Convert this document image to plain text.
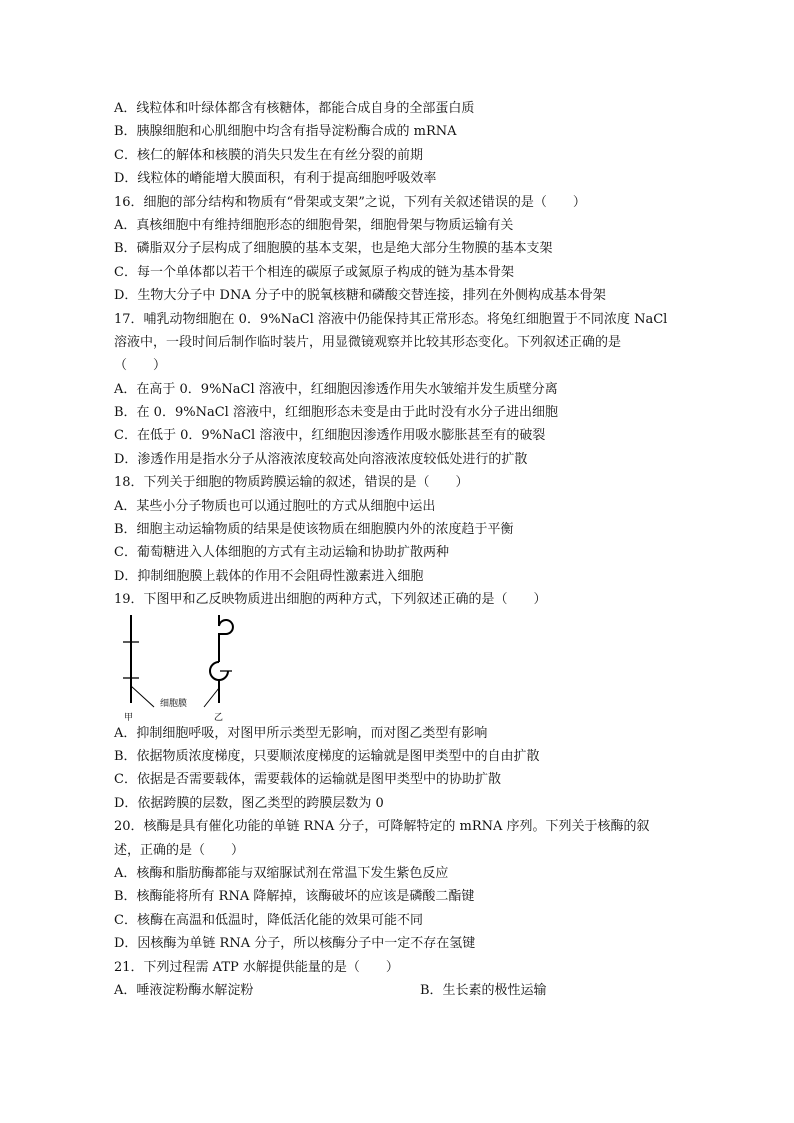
A．线粒体和叶绿体都含有核糖体，都能合成自身的全部蛋白质
B．胰腺细胞和心肌细胞中均含有指导淀粉酶合成的 mRNA
C．核仁的解体和核膜的消失只发生在有丝分裂的前期
D．线粒体的嵴能增大膜面积，有利于提高细胞呼吸效率
16．细胞的部分结构和物质有“骨架或支架”之说，下列有关叙述错误的是（　　）
A．真核细胞中有维持细胞形态的细胞骨架，细胞骨架与物质运输有关
B．磷脂双分子层构成了细胞膜的基本支架，也是绝大部分生物膜的基本支架
C．每一个单体都以若干个相连的碳原子或氮原子构成的链为基本骨架
D．生物大分子中 DNA 分子中的脱氧核糖和磷酸交替连接，排列在外侧构成基本骨架
17．哺乳动物细胞在 0．9%NaCl 溶液中仍能保持其正常形态。将兔红细胞置于不同浓度 NaCl
溶液中，一段时间后制作临时装片，用显微镜观察并比较其形态变化。下列叙述正确的是
（　　）
A．在高于 0．9%NaCl 溶液中，红细胞因渗透作用失水皱缩并发生质壁分离
B．在 0．9%NaCl 溶液中，红细胞形态未变是由于此时没有水分子进出细胞
C．在低于 0．9%NaCl 溶液中，红细胞因渗透作用吸水膨胀甚至有的破裂
D．渗透作用是指水分子从溶液浓度较高处向溶液浓度较低处进行的扩散
18．下列关于细胞的物质跨膜运输的叙述，错误的是（　　）
A．某些小分子物质也可以通过胞吐的方式从细胞中运出
B．细胞主动运输物质的结果是使该物质在细胞膜内外的浓度趋于平衡
C．葡萄糖进入人体细胞的方式有主动运输和协助扩散两种
D．抑制细胞膜上载体的作用不会阻碍性激素进入细胞
19．下图甲和乙反映物质进出细胞的两种方式，下列叙述正确的是（　　）
细胞膜
甲	乙
A．抑制细胞呼吸，对图甲所示类型无影响，而对图乙类型有影响
B．依据物质浓度梯度，只要顺浓度梯度的运输就是图甲类型中的自由扩散
C．依据是否需要载体，需要载体的运输就是图甲类型中的协助扩散
D．依据跨膜的层数，图乙类型的跨膜层数为 0
20．核酶是具有催化功能的单链 RNA 分子，可降解特定的 mRNA 序列。下列关于核酶的叙
述，正确的是（　　）
A．核酶和脂肪酶都能与双缩脲试剂在常温下发生紫色反应
B．核酶能将所有 RNA 降解掉，该酶破坏的应该是磷酸二酯键
C．核酶在高温和低温时，降低活化能的效果可能不同
D．因核酶为单链 RNA 分子，所以核酶分子中一定不存在氢键
21．下列过程需 ATP 水解提供能量的是（　　）
A．唾液淀粉酶水解淀粉	B．生长素的极性运输
